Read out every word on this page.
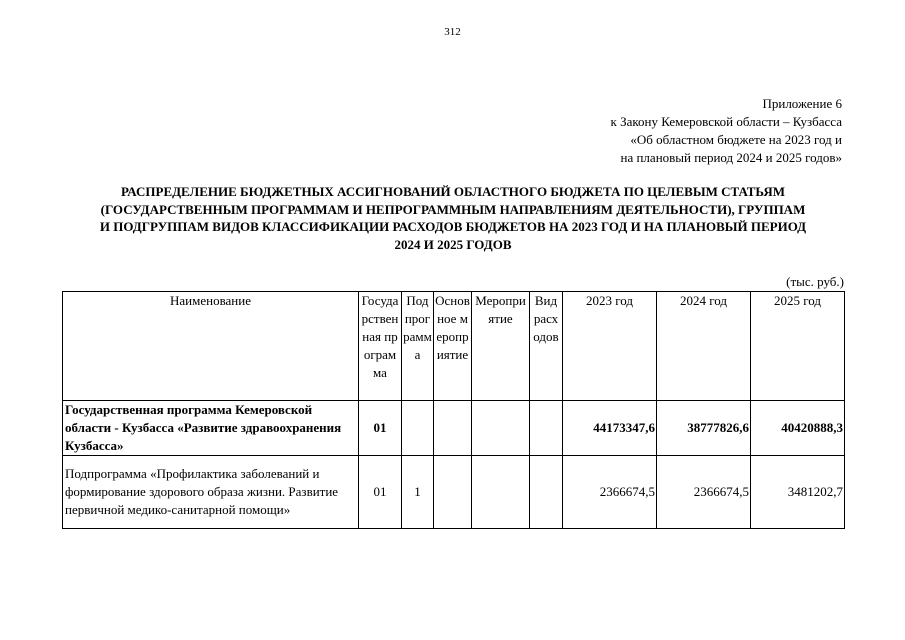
312
Приложение 6
к Закону Кемеровской области – Кузбасса
«Об областном бюджете на 2023 год и
на плановый период 2024 и 2025 годов»
РАСПРЕДЕЛЕНИЕ БЮДЖЕТНЫХ АССИГНОВАНИЙ ОБЛАСТНОГО БЮДЖЕТА ПО ЦЕЛЕВЫМ СТАТЬЯМ
(ГОСУДАРСТВЕННЫМ ПРОГРАММАМ И НЕПРОГРАММНЫМ НАПРАВЛЕНИЯМ ДЕЯТЕЛЬНОСТИ), ГРУППАМ
И ПОДГРУППАМ ВИДОВ КЛАССИФИКАЦИИ РАСХОДОВ БЮДЖЕТОВ НА 2023 ГОД И НА ПЛАНОВЫЙ ПЕРИОД
2024 И 2025 ГОДОВ
(тыс. руб.)
Наименование	Государственная программа	Подпрограмма	Основное мероприятие	Мероприятие	Вид расходов	2023 год	2024 год	2025 год
Государственная программа Кемеровской области - Кузбасса «Развитие здравоохранения Кузбасса»	01					44173347,6	38777826,6	40420888,3
Подпрограмма «Профилактика заболеваний и формирование здорового образа жизни. Развитие первичной медико-санитарной помощи»	01	1				2366674,5	2366674,5	3481202,7
